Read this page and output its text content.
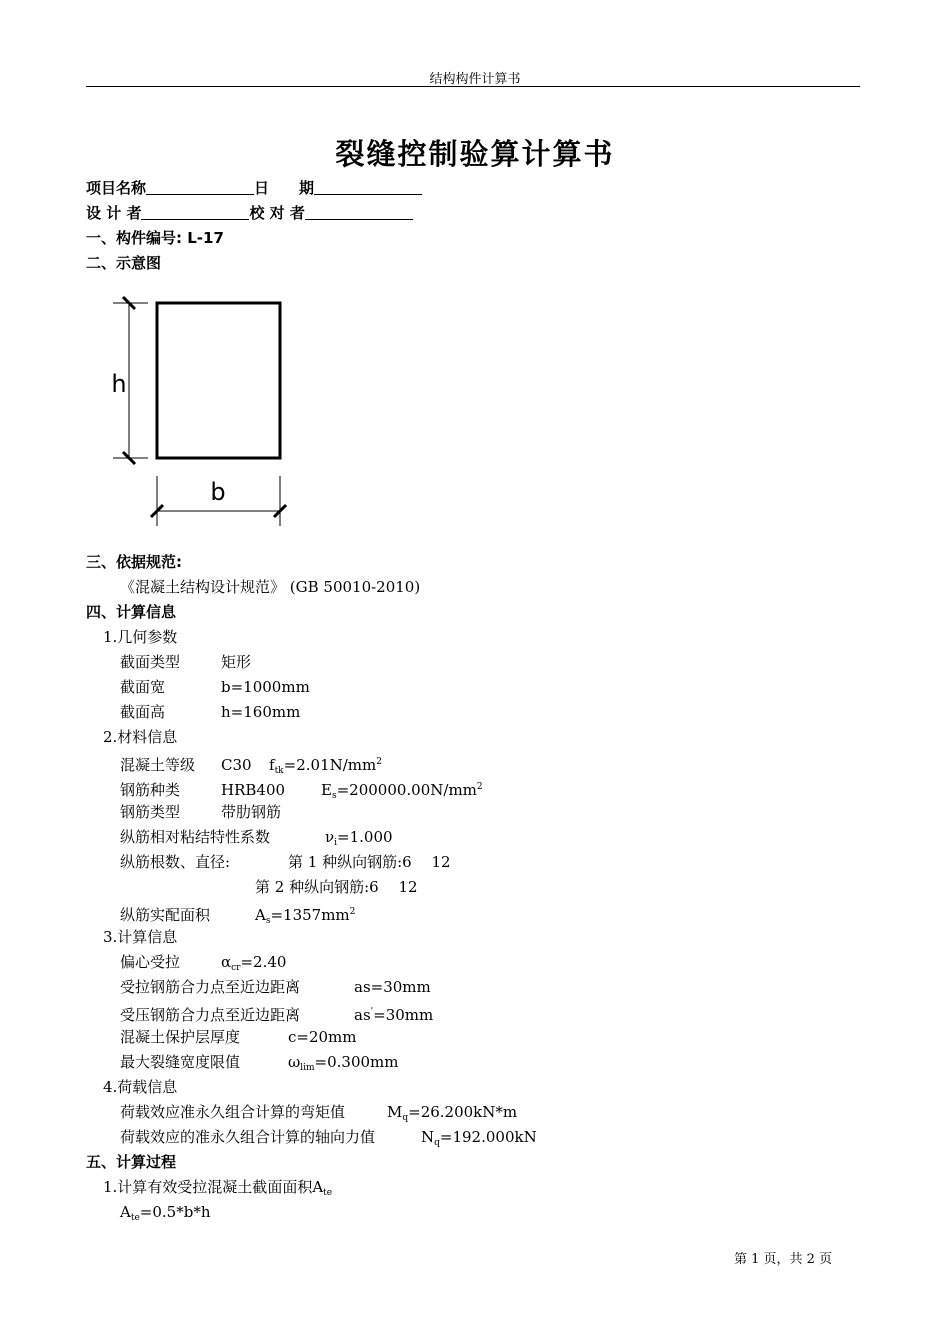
结构构件计算书
裂缝控制验算计算书
项目名称	日　　期
设 计 者	校 对 者
一、构件编号: L-17
二、示意图
h
b
三、依据规范:
《混凝土结构设计规范》 (GB 50010-2010)
四、计算信息
1.几何参数
截面类型	矩形
截面宽	b=1000mm
截面高	h=160mm
2.材料信息
混凝土等级 C30 $f_{tk}=2.01N/mm^2$
钢筋种类	HRB400 $E_s=200000.00N/mm^2$
钢筋类型	带肋钢筋
纵筋相对粘结特性系数	$\nu_i=1.000$
纵筋根数、直径:	第 1 种纵向钢筋:6　 12
第 2 种纵向钢筋:6　 12
纵筋实配面积	$A_s=1357mm^2$
3.计算信息
偏心受拉	$\alpha_{cr}=2.40$
受拉钢筋合力点至近边距离	as=30mm
受压钢筋合力点至近边距离	as'=30mm
混凝土保护层厚度	c=20mm
最大裂缝宽度限值	$\omega_{lim}=0.300mm$
4.荷载信息
荷载效应准永久组合计算的弯矩值	$M_q=26.200kN*m$
荷载效应的准永久组合计算的轴向力值	$N_q=192.000kN$
五、计算过程
1.计算有效受拉混凝土截面面积$A_{te}$
$A_{te}=0.5*b*h$
第 1 页，共 2 页
